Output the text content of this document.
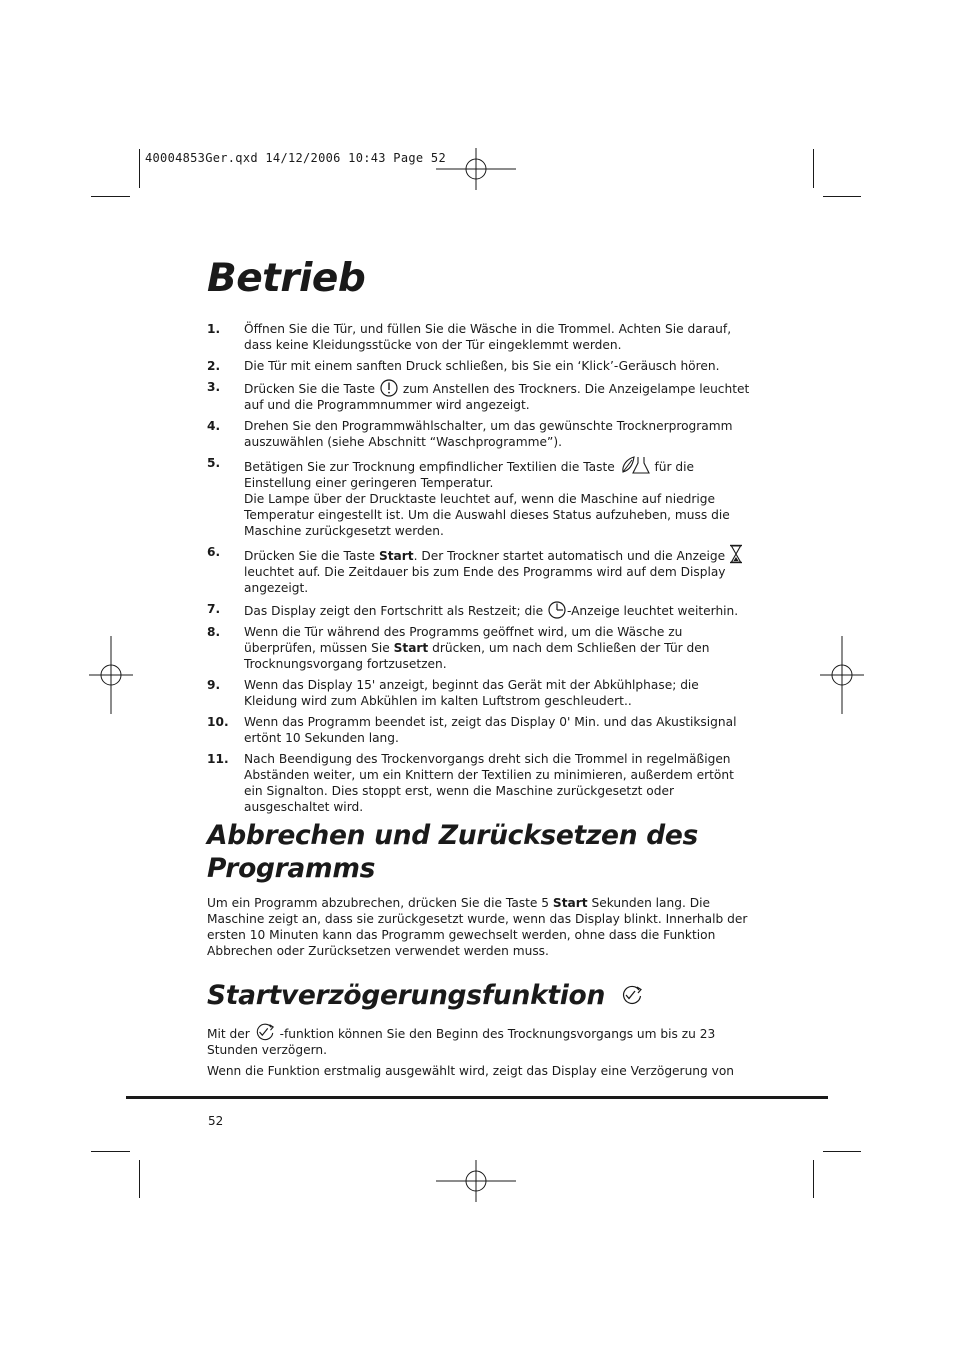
40004853Ger.qxd 14/12/2006 10:43 Page 52
Betrieb
1. Öffnen Sie die Tür, und füllen Sie die Wäsche in die Trommel. Achten Sie darauf,
dass keine Kleidungsstücke von der Tür eingeklemmt werden.
2. Die Tür mit einem sanften Druck schließen, bis Sie ein ‘Klick’-Geräusch hören.
3. Drücken Sie die Taste zum Anstellen des Trockners. Die Anzeigelampe leuchtet
auf und die Programmnummer wird angezeigt.
4. Drehen Sie den Programmwählschalter, um das gewünschte Trocknerprogramm
auszuwählen (siehe Abschnitt “Waschprogramme”).
5. Betätigen Sie zur Trocknung empfindlicher Textilien die Taste	für die
Einstellung einer geringeren Temperatur.
Die Lampe über der Drucktaste leuchtet auf, wenn die Maschine auf niedrige
Temperatur eingestellt ist. Um die Auswahl dieses Status aufzuheben, muss die
Maschine zurückgesetzt werden.
6. Drücken Sie die Taste Start. Der Trockner startet automatisch und die Anzeige
leuchtet auf. Die Zeitdauer bis zum Ende des Programms wird auf dem Display
angezeigt.
7. Das Display zeigt den Fortschritt als Restzeit; die -Anzeige leuchtet weiterhin.
8. Wenn die Tür während des Programms geöffnet wird, um die Wäsche zu
überprüfen, müssen Sie Start drücken, um nach dem Schließen der Tür den
Trocknungsvorgang fortzusetzen.
9. Wenn das Display 15' anzeigt, beginnt das Gerät mit der Abkühlphase; die
Kleidung wird zum Abkühlen im kalten Luftstrom geschleudert..
10. Wenn das Programm beendet ist, zeigt das Display 0' Min. und das Akustiksignal
ertönt 10 Sekunden lang.
11. Nach Beendigung des Trockenvorgangs dreht sich die Trommel in regelmäßigen
Abständen weiter, um ein Knittern der Textilien zu minimieren, außerdem ertönt
ein Signalton. Dies stoppt erst, wenn die Maschine zurückgesetzt oder
ausgeschaltet wird.
Abbrechen und Zurücksetzen des
Programms
Um ein Programm abzubrechen, drücken Sie die Taste 5 Start Sekunden lang. Die
Maschine zeigt an, dass sie zurückgesetzt wurde, wenn das Display blinkt. Innerhalb der
ersten 10 Minuten kann das Programm gewechselt werden, ohne dass die Funktion
Abbrechen oder Zurücksetzen verwendet werden muss.
Startverzögerungsfunktion
Mit der -funktion können Sie den Beginn des Trocknungsvorgangs um bis zu 23
Stunden verzögern.
Wenn die Funktion erstmalig ausgewählt wird, zeigt das Display eine Verzögerung von
52
